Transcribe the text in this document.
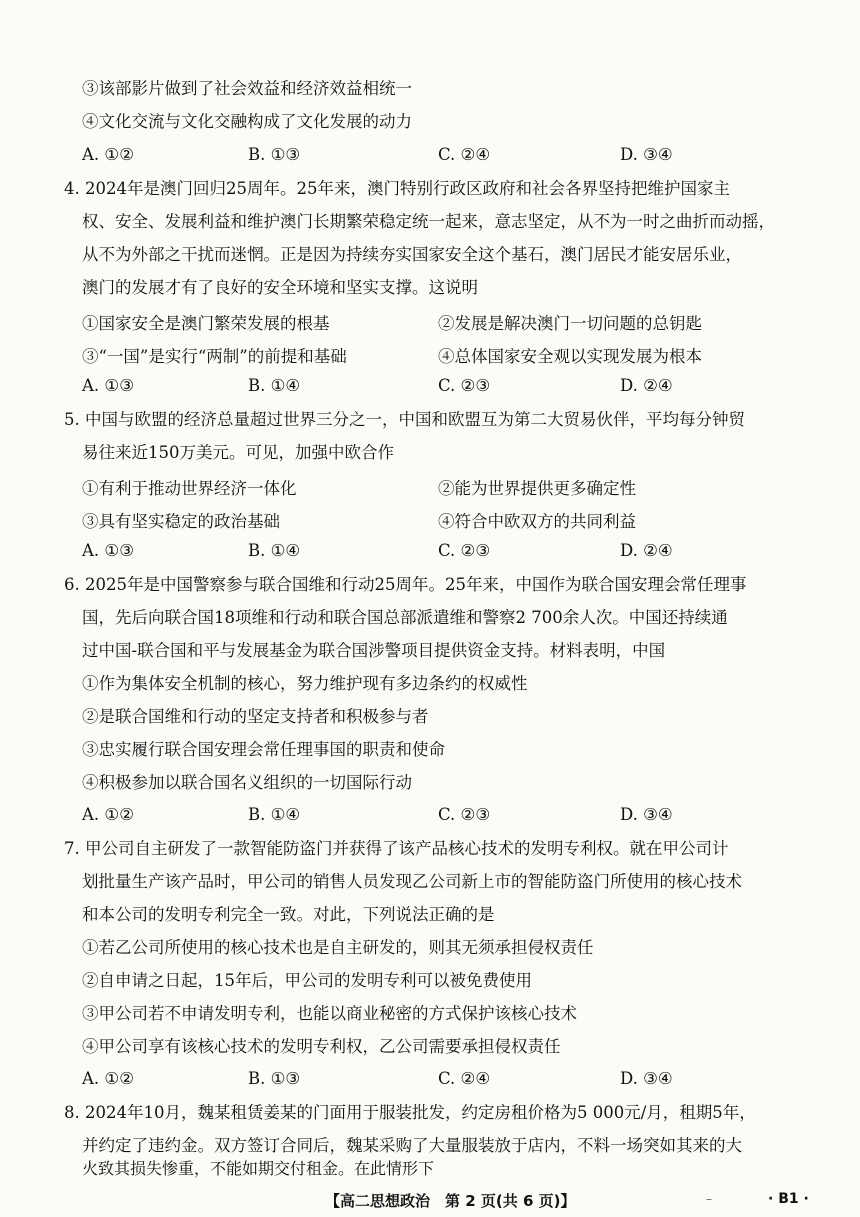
③该部影片做到了社会效益和经济效益相统一
④文化交流与文化交融构成了文化发展的动力
A. ①②	B. ①③	C. ②④	D. ③④
4. 2024年是澳门回归25周年。25年来，澳门特别行政区政府和社会各界坚持把维护国家主
权、安全、发展利益和维护澳门长期繁荣稳定统一起来，意志坚定，从不为一时之曲折而动摇，
从不为外部之干扰而迷惘。正是因为持续夯实国家安全这个基石，澳门居民才能安居乐业，
澳门的发展才有了良好的安全环境和坚实支撑。这说明
①国家安全是澳门繁荣发展的根基	②发展是解决澳门一切问题的总钥匙
③“一国”是实行“两制”的前提和基础	④总体国家安全观以实现发展为根本
A. ①③	B. ①④	C. ②③	D. ②④
5. 中国与欧盟的经济总量超过世界三分之一，中国和欧盟互为第二大贸易伙伴，平均每分钟贸
易往来近150万美元。可见，加强中欧合作
①有利于推动世界经济一体化	②能为世界提供更多确定性
③具有坚实稳定的政治基础	④符合中欧双方的共同利益
A. ①③	B. ①④	C. ②③	D. ②④
6. 2025年是中国警察参与联合国维和行动25周年。25年来，中国作为联合国安理会常任理事
国，先后向联合国18项维和行动和联合国总部派遣维和警察2 700余人次。中国还持续通
过中国-联合国和平与发展基金为联合国涉警项目提供资金支持。材料表明，中国
①作为集体安全机制的核心，努力维护现有多边条约的权威性
②是联合国维和行动的坚定支持者和积极参与者
③忠实履行联合国安理会常任理事国的职责和使命
④积极参加以联合国名义组织的一切国际行动
A. ①②	B. ①④	C. ②③	D. ③④
7. 甲公司自主研发了一款智能防盗门并获得了该产品核心技术的发明专利权。就在甲公司计
划批量生产该产品时，甲公司的销售人员发现乙公司新上市的智能防盗门所使用的核心技术
和本公司的发明专利完全一致。对此，下列说法正确的是
①若乙公司所使用的核心技术也是自主研发的，则其无须承担侵权责任
②自申请之日起，15年后，甲公司的发明专利可以被免费使用
③甲公司若不申请发明专利，也能以商业秘密的方式保护该核心技术
④甲公司享有该核心技术的发明专利权，乙公司需要承担侵权责任
A. ①②	B. ①③	C. ②④	D. ③④
8. 2024年10月，魏某租赁姜某的门面用于服装批发，约定房租价格为5 000元/月，租期5年，
并约定了违约金。双方签订合同后，魏某采购了大量服装放于店内，不料一场突如其来的大
火致其损失惨重，不能如期交付租金。在此情形下
【高二思想政治　第 2 页(共 6 页)】	–	· B1 ·
